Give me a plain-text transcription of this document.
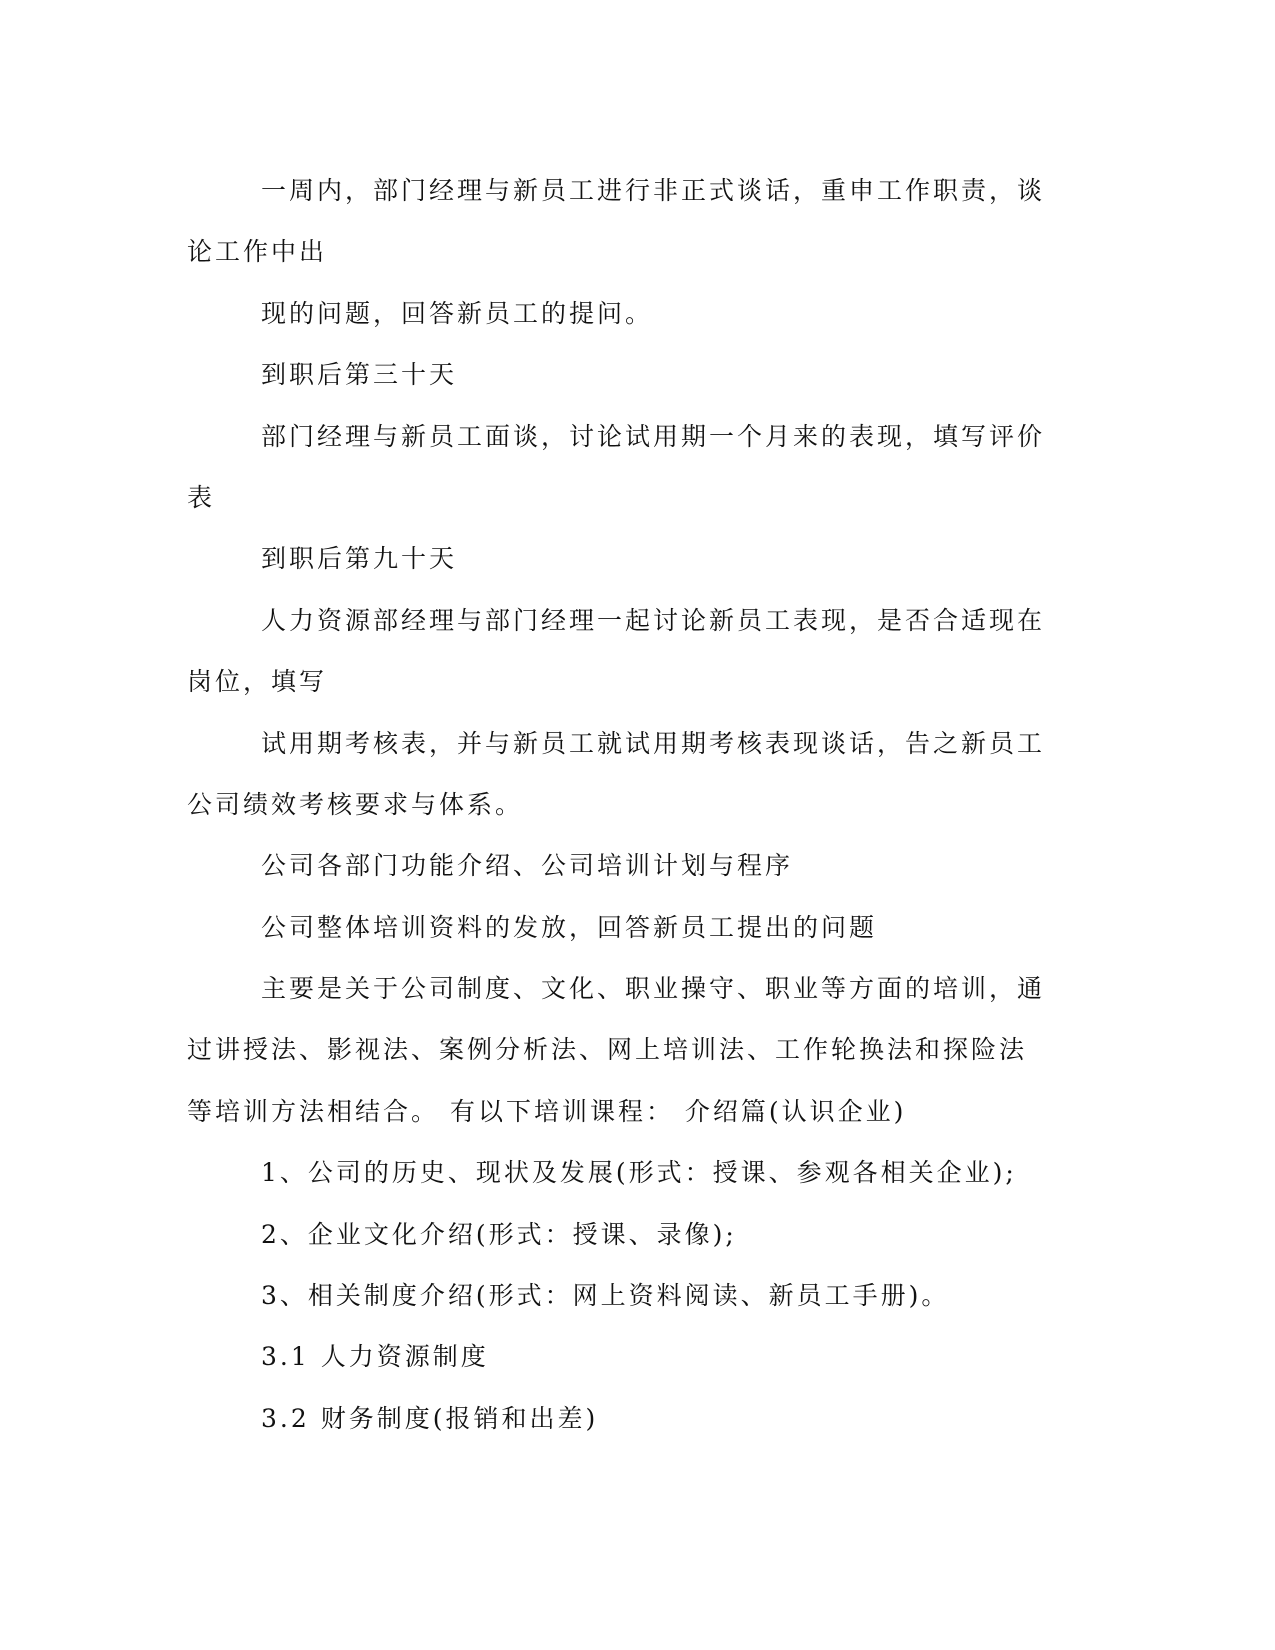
一周内，部门经理与新员工进行非正式谈话，重申工作职责，谈
论工作中出
现的问题，回答新员工的提问。
到职后第三十天
部门经理与新员工面谈，讨论试用期一个月来的表现，填写评价
表
到职后第九十天
人力资源部经理与部门经理一起讨论新员工表现，是否合适现在
岗位，填写
试用期考核表，并与新员工就试用期考核表现谈话，告之新员工
公司绩效考核要求与体系。
公司各部门功能介绍、公司培训计划与程序
公司整体培训资料的发放，回答新员工提出的问题
主要是关于公司制度、文化、职业操守、职业等方面的培训，通
过讲授法、影视法、案例分析法、网上培训法、工作轮换法和探险法
等培训方法相结合。 有以下培训课程： 介绍篇(认识企业)
1、公司的历史、现状及发展(形式：授课、参观各相关企业);
2、企业文化介绍(形式：授课、录像);
3、相关制度介绍(形式：网上资料阅读、新员工手册)。
3.1 人力资源制度
3.2 财务制度(报销和出差)
